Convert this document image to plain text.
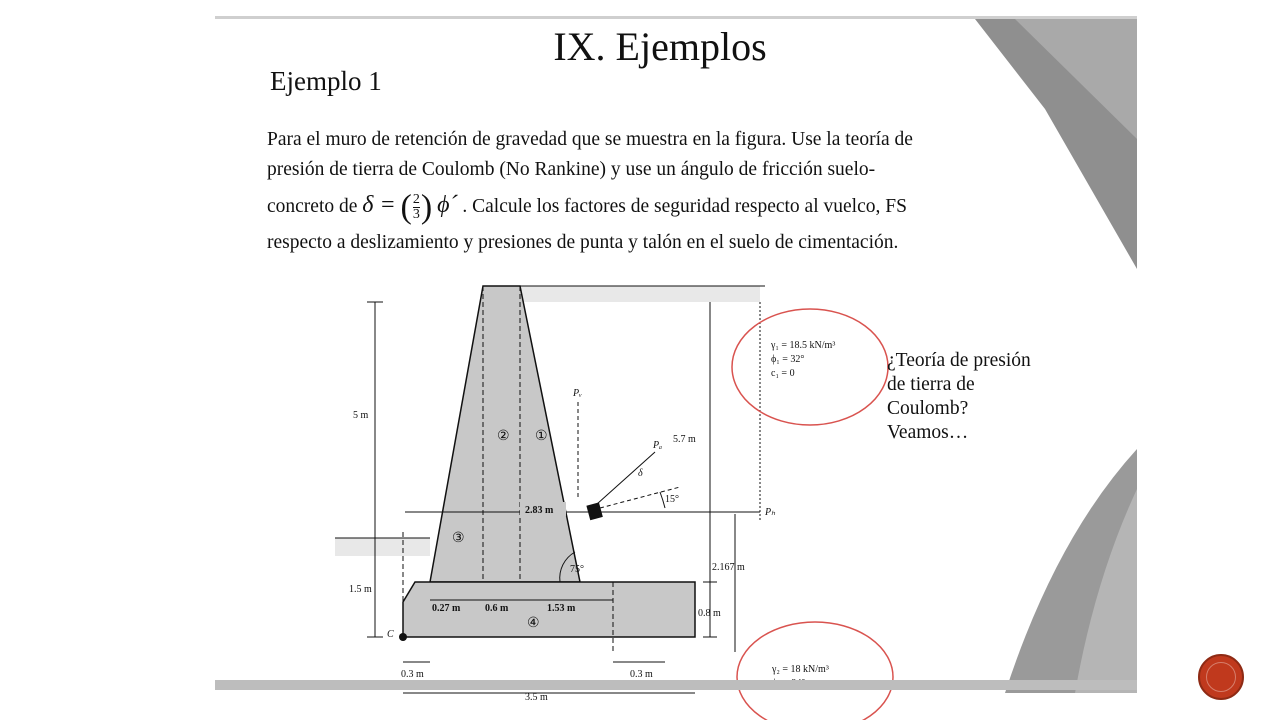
IX. Ejemplos
Ejemplo 1
Para el muro de retención de gravedad que se muestra en la figura. Use la teoría de
presión de tierra de Coulomb (No Rankine) y use un ángulo de fricción suelo-
concreto de δ = ( $\frac{2}{3}$ ) ϕ´ . Calcule los factores de seguridad respecto al vuelco, FS
respecto a deslizamiento y presiones de punta y talón en el suelo de cimentación.
② ①
③
④
5 m
1.5 m
2.83 m	Pₕ
Pᵥ
Pₐ
δ
15°
75°
5.7 m
2.167 m
0.8 m
0.27 m 0.6 m	1.53 m
C
0.3 m	0.3 m
3.5 m
γ₁ = 18.5 kN/m³
ϕ₁ = 32°
c₁ = 0
γ₂ = 18 kN/m³
¿Teoría de presión
de tierra de
Coulomb?
Veamos…
